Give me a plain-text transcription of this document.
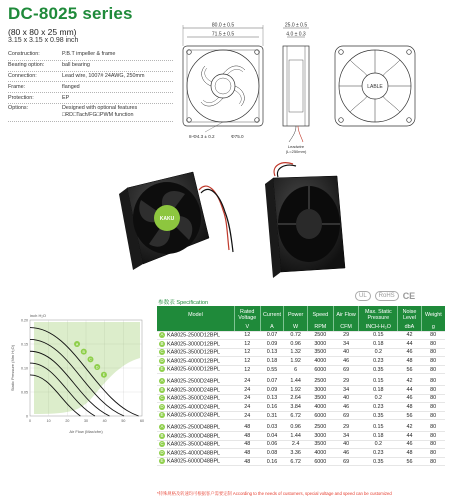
DC-8025 series
(80 x 80 x 25 mm)
3.15 x 3.15 x 0.98 inch
Construction:	P.B.T impeller & frame
Bearing option:	ball bearing
Connection:	Lead wire, 1007# 24AWG, 250mm
Frame:	flanged
Protection:	EP
Options:	Designed with optional features □RD□Tach/FG□PWM function
80.0 ± 0.5
71.5 ± 0.5
8-Φ4.3 ± 0.2	Φ75.0
25.0 ± 0.5
4.0 ± 0.3
Leadwire
(L=250mm)
LABLE
KAKU
A
B
C
D
E
0.20
0.15
0.10
0.05
0
0	10	20	30	40	50	60
inch H₂O
Air Flow (Max/cfm)
Static Pressure (Mm H₂O)
参数表 Specification
UL	RoHS CE
Model	Rated Voltage	Current	Power	Speed	Air Flow	Max. Static Pressure	Noise Level	Weight
	V	A	W	RPM	CFM	INCH-H₂O	dbA	g
A KA8025-2500D12BPL	12	0.07	0.72	2500	29	0.15	42	80
B KA8025-3000D12BPL	12	0.09	0.96	3000	34	0.18	44	80
C KA8025-3500D12BPL	12	0.13	1.32	3500	40	0.2	46	80
D KA8025-4000D12BPL	12	0.18	1.92	4000	46	0.23	48	80
E KA8025-6000D12BPL	12	0.55	6	6000	69	0.35	56	80

A KA8025-2500D24BPL	24	0.07	1.44	2500	29	0.15	42	80
B KA8025-3000D24BPL	24	0.09	1.92	3000	34	0.18	44	80
C KA8025-3500D24BPL	24	0.13	2.64	3500	40	0.2	46	80
D KA8025-4000D24BPL	24	0.16	3.84	4000	46	0.23	48	80
E KA8025-6000D24BPL	24	0.31	6.72	6000	69	0.35	56	80

A KA8025-2500D48BPL	48	0.03	0.96	2500	29	0.15	42	80
B KA8025-3000D48BPL	48	0.04	1.44	3000	34	0.18	44	80
C KA8025-3500D48BPL	48	0.06	2.4	3500	40	0.2	46	80
D KA8025-4000D48BPL	48	0.08	3.36	4000	46	0.23	48	80
E KA8025-6000D48BPL	48	0.16	6.72	6000	69	0.35	56	80
*特殊规格及转速均可根据客户需要定制 According to the needs of customers, special voltage and speed can be customized
